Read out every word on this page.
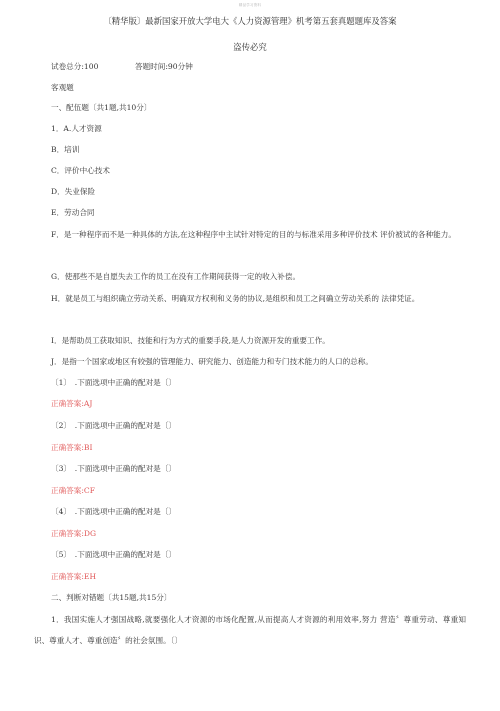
精品学习资料
〔精华版〕最新国家开放大学电大《人力资源管理》机考第五套真题题库及答案
盗传必究
试卷总分:100	答题时间:90分钟
客观题
一、配伍题〔共1题,共10分〕
1．A.人才资源
B．培训
C．评价中心技术
D．失业保险
E．劳动合同
F．是一种程序而不是一种具体的方法,在这种程序中主试针对特定的目的与标准采用多种评价技术 评价被试的各种能力。
G．使那些不是自愿失去工作的员工在没有工作期间获得一定的收入补偿。
H．就是员工与组织确立劳动关系、明确双方权利和义务的协议,是组织和员工之间确立劳动关系的 法律凭证。
I．是帮助员工获取知识、技能和行为方式的重要手段,是人力资源开发的重要工作。
J．是指一个国家或地区有较强的管理能力、研究能力、创造能力和专门技术能力的人口的总称。
〔1〕　.下面选项中正确的配对是〔〕
正确答案:AJ
〔2〕　.下面选项中正确的配对是〔〕
正确答案:BI
〔3〕　.下面选项中正确的配对是〔〕
正确答案:CF
〔4〕　.下面选项中正确的配对是〔〕
正确答案:DG
〔5〕　.下面选项中正确的配对是〔〕
正确答案:EH
二、判断对错题〔共15题,共15分〕
1．我国实施人才强国战略,就要强化人才资源的市场化配置,从而提高人才资源的利用效率,努力 营造〞尊重劳动、尊重知识、尊重人才、尊重创造〞的社会氛围。〔〕
